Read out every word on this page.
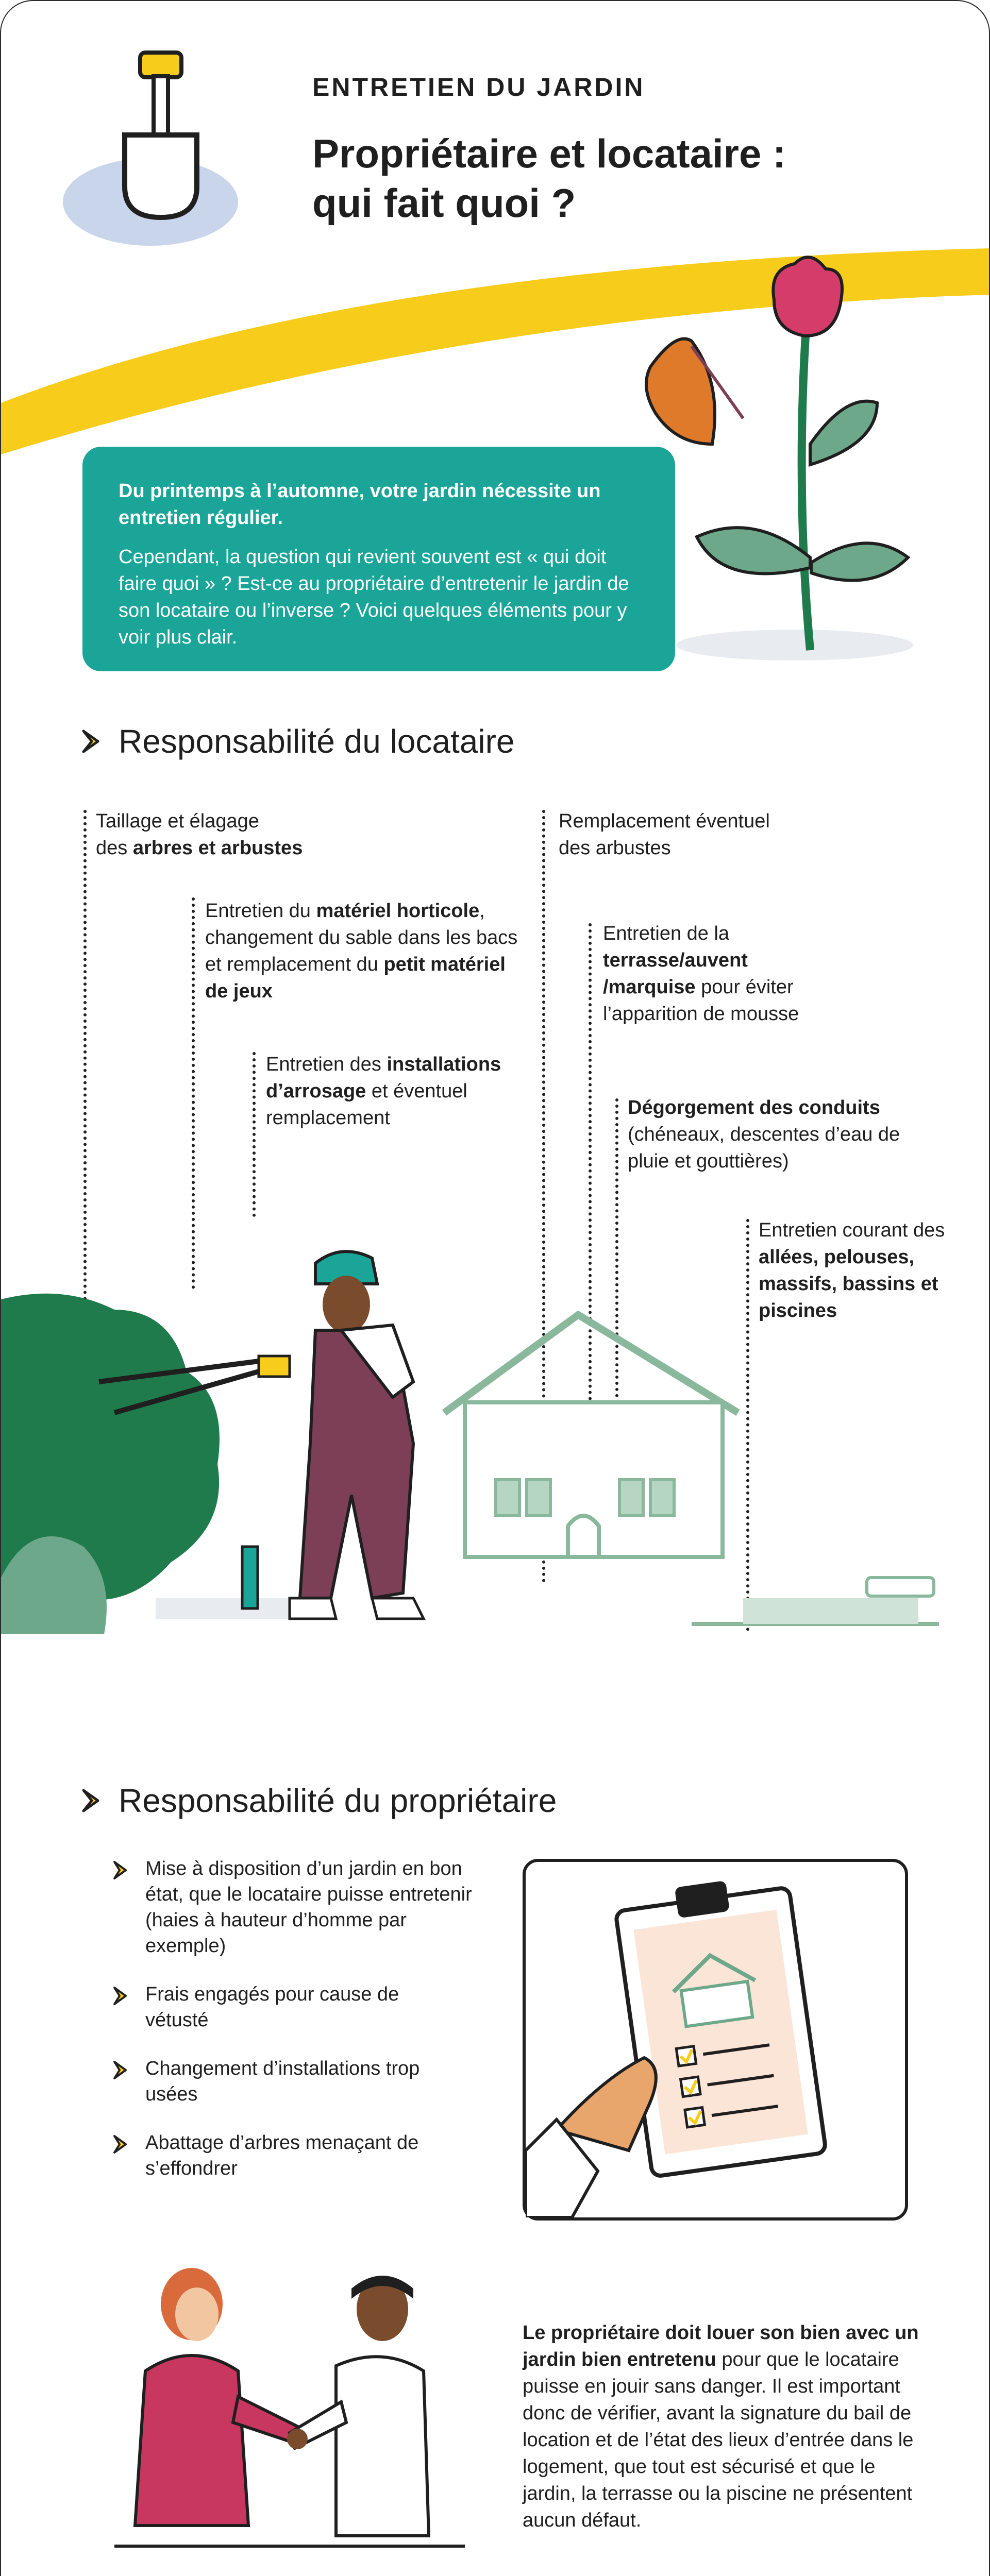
ENTRETIEN DU JARDIN
Propriétaire et locataire :
qui fait quoi ?
Du printemps à l’automne, votre jardin nécessite un entretien régulier.
Cependant, la question qui revient souvent est « qui doit faire quoi » ? Est-ce au propriétaire d’entretenir le jardin de son locataire ou l’inverse ? Voici quelques éléments pour y voir plus clair.
Responsabilité du locataire
Taillage et élagage
des arbres et arbustes
Entretien du matériel horticole, changement du sable dans les bacs et remplacement du petit matériel de jeux
Entretien des installations d’arrosage et éventuel remplacement
Remplacement éventuel des arbustes
Entretien de la terrasse/auvent /marquise pour éviter l’apparition de mousse
Dégorgement des conduits (chéneaux, descentes d’eau de pluie et gouttières)
Entretien courant des allées, pelouses, massifs, bassins et piscines
Responsabilité du propriétaire
Mise à disposition d’un jardin en bon état, que le locataire puisse entretenir (haies à hauteur d’homme par exemple)
Frais engagés pour cause de vétusté
Changement d’installations trop usées
Abattage d’arbres menaçant de s’effondrer
Le propriétaire doit louer son bien avec un jardin bien entretenu pour que le locataire puisse en jouir sans danger. Il est important donc de vérifier, avant la signature du bail de location et de l’état des lieux d’entrée dans le logement, que tout est sécurisé et que le jardin, la terrasse ou la piscine ne présentent aucun défaut.
